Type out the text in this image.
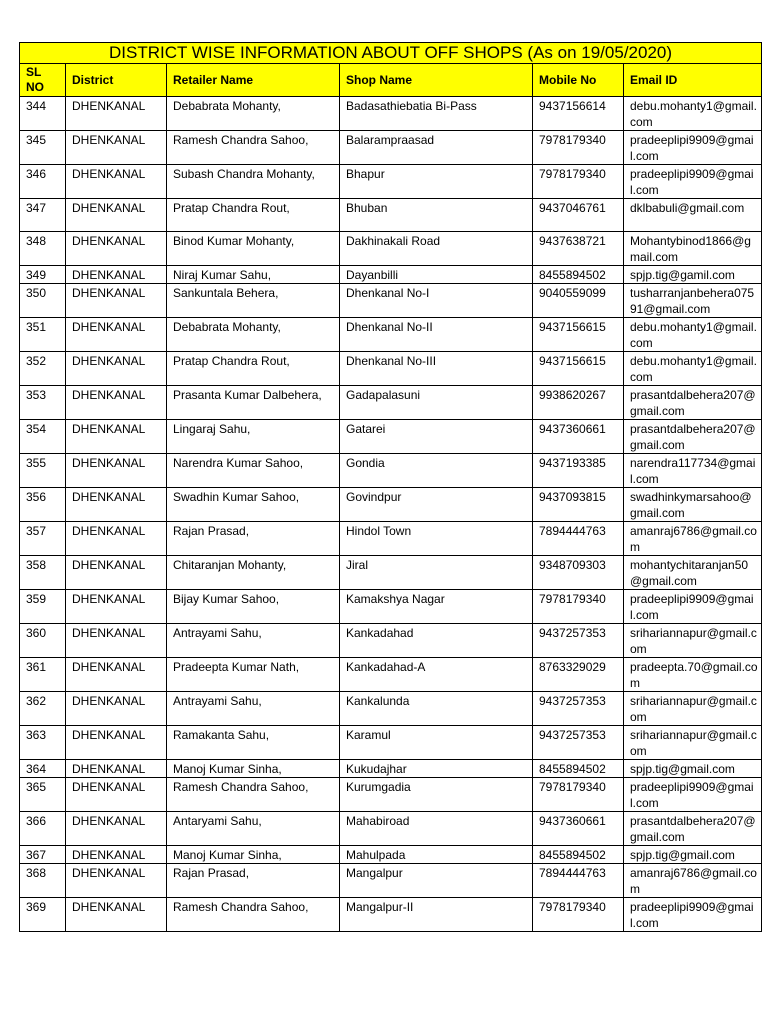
DISTRICT WISE INFORMATION ABOUT OFF SHOPS (As on 19/05/2020)					
SL NO	District	Retailer Name	Shop Name	Mobile No	Email ID
344	DHENKANAL	Debabrata Mohanty,	Badasathiebatia Bi-Pass	9437156614	debu.mohanty1@gmail.com
345	DHENKANAL	Ramesh Chandra Sahoo,	Balarampraasad	7978179340	pradeeplipi9909@gmail.com
346	DHENKANAL	Subash Chandra Mohanty,	Bhapur	7978179340	pradeeplipi9909@gmail.com
347	DHENKANAL	Pratap Chandra Rout,	Bhuban	9437046761	dklbabuli@gmail.com
348	DHENKANAL	Binod Kumar Mohanty,	Dakhinakali Road	9437638721	Mohantybinod1866@gmail.com
349	DHENKANAL	Niraj Kumar Sahu,	Dayanbilli	8455894502	spjp.tig@gamil.com
350	DHENKANAL	Sankuntala Behera,	Dhenkanal No-I	9040559099	tusharranjanbehera07591@gmail.com
351	DHENKANAL	Debabrata Mohanty,	Dhenkanal No-II	9437156615	debu.mohanty1@gmail.com
352	DHENKANAL	Pratap Chandra Rout,	Dhenkanal No-III	9437156615	debu.mohanty1@gmail.com
353	DHENKANAL	Prasanta Kumar Dalbehera,	Gadapalasuni	9938620267	prasantdalbehera207@gmail.com
354	DHENKANAL	Lingaraj Sahu,	Gatarei	9437360661	prasantdalbehera207@gmail.com
355	DHENKANAL	Narendra Kumar Sahoo,	Gondia	9437193385	narendra117734@gmail.com
356	DHENKANAL	Swadhin Kumar Sahoo,	Govindpur	9437093815	swadhinkymarsahoo@gmail.com
357	DHENKANAL	Rajan Prasad,	Hindol Town	7894444763	amanraj6786@gmail.com
358	DHENKANAL	Chitaranjan Mohanty,	Jiral	9348709303	mohantychitaranjan50@gmail.com
359	DHENKANAL	Bijay Kumar Sahoo,	Kamakshya Nagar	7978179340	pradeeplipi9909@gmail.com
360	DHENKANAL	Antrayami Sahu,	Kankadahad	9437257353	srihariannapur@gmail.com
361	DHENKANAL	Pradeepta Kumar Nath,	Kankadahad-A	8763329029	pradeepta.70@gmail.com
362	DHENKANAL	Antrayami Sahu,	Kankalunda	9437257353	srihariannapur@gmail.com
363	DHENKANAL	Ramakanta Sahu,	Karamul	9437257353	srihariannapur@gmail.com
364	DHENKANAL	Manoj Kumar Sinha,	Kukudajhar	8455894502	spjp.tig@gmail.com
365	DHENKANAL	Ramesh Chandra Sahoo,	Kurumgadia	7978179340	pradeeplipi9909@gmail.com
366	DHENKANAL	Antaryami Sahu,	Mahabiroad	9437360661	prasantdalbehera207@gmail.com
367	DHENKANAL	Manoj Kumar Sinha,	Mahulpada	8455894502	spjp.tig@gmail.com
368	DHENKANAL	Rajan Prasad,	Mangalpur	7894444763	amanraj6786@gmail.com
369	DHENKANAL	Ramesh Chandra Sahoo,	Mangalpur-II	7978179340	pradeeplipi9909@gmail.com
